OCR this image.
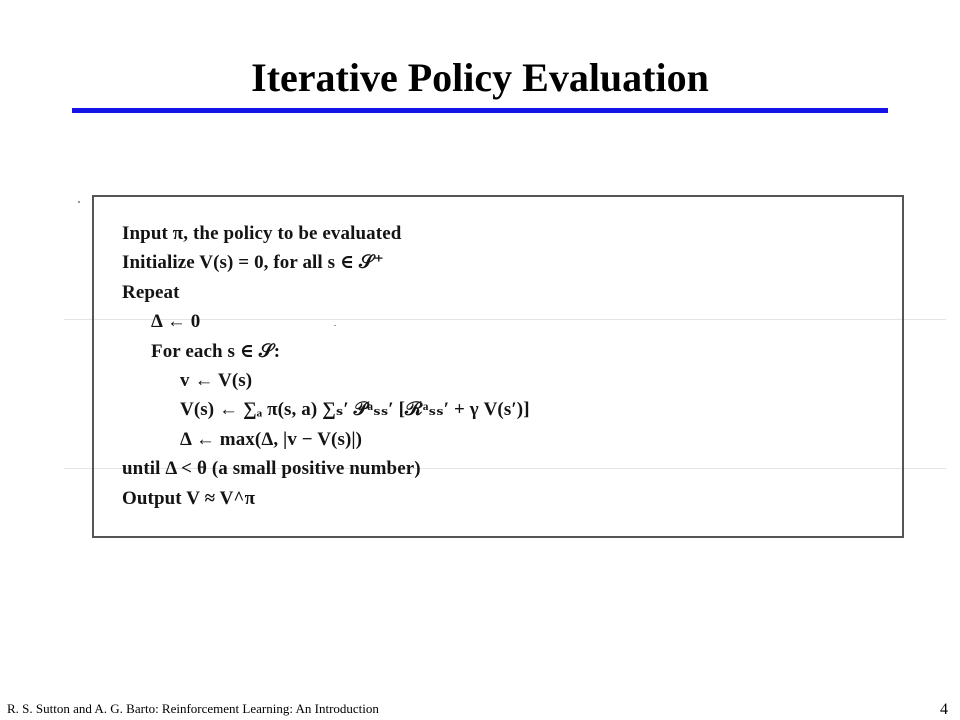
Iterative Policy Evaluation
Input π, the policy to be evaluated
Initialize V(s) = 0, for all s ∈ 𝒮⁺
Repeat
Δ ← 0
For each s ∈ 𝒮:
v ← V(s)
V(s) ← ∑ₐ π(s, a) ∑ₛ′ 𝒫ᵃₛₛ′ [ℛᵃₛₛ′ + γ V(s′)]
Δ ← max(Δ, |v − V(s)|)
until Δ < θ (a small positive number)
Output V ≈ V^π
R. S. Sutton and A. G. Barto: Reinforcement Learning: An Introduction	4
